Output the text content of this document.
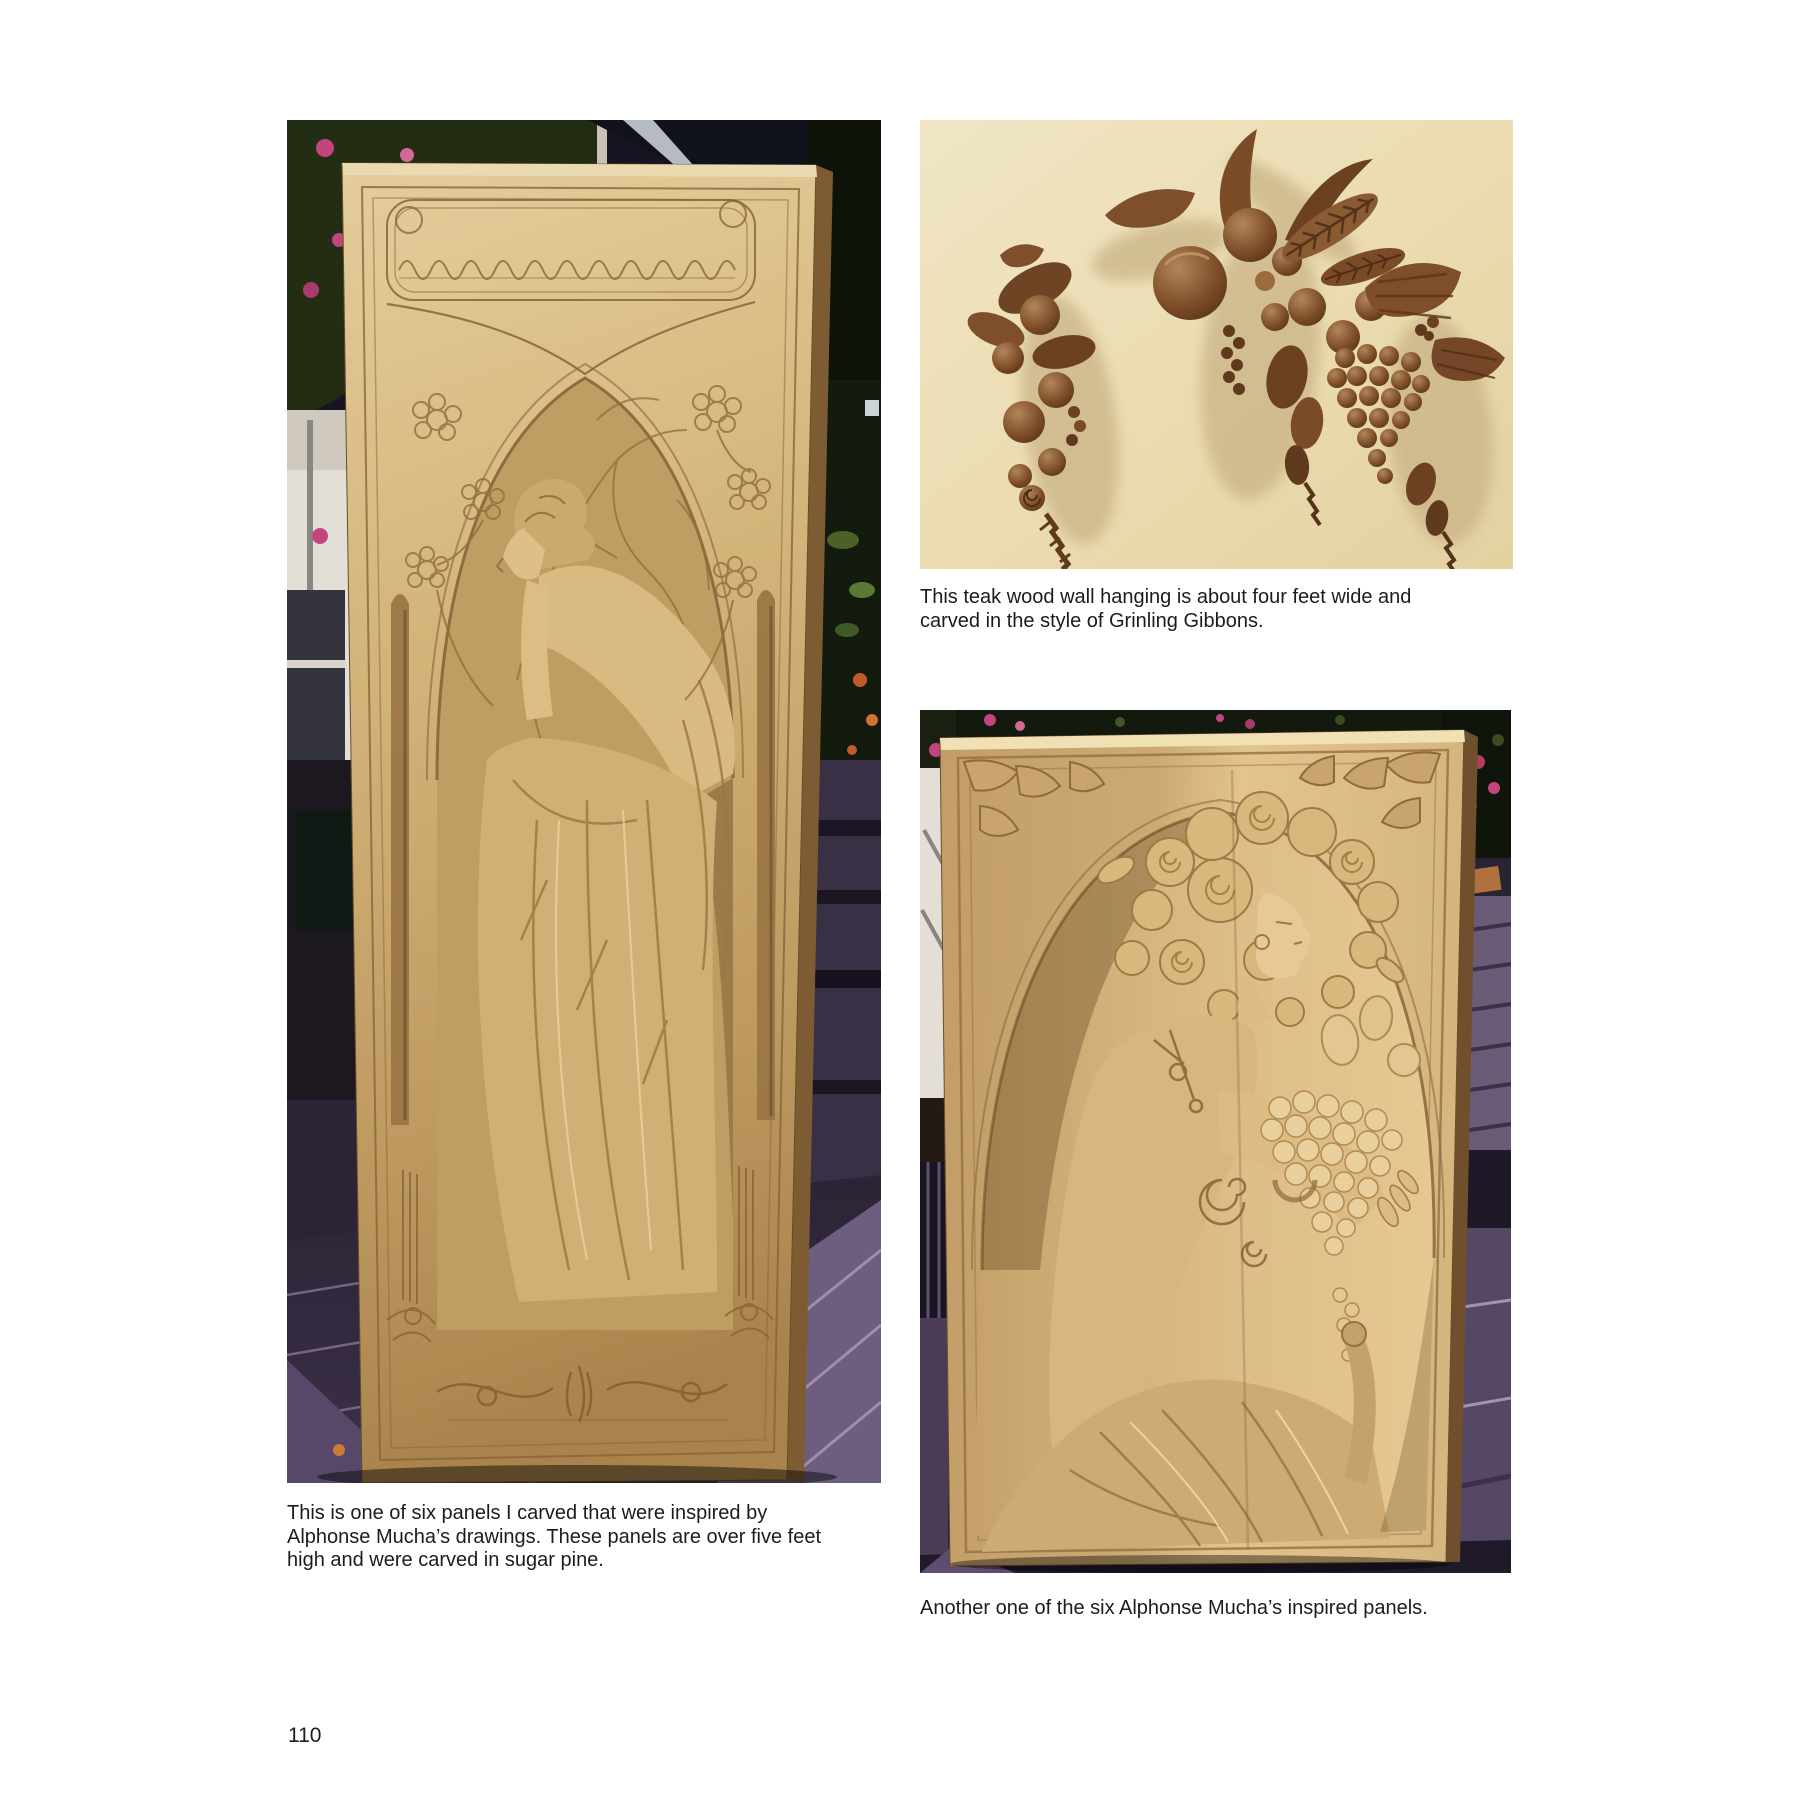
This is one of six panels I carved that were inspired by
Alphonse Mucha’s drawings. These panels are over five feet
high and were carved in sugar pine.
This teak wood wall hanging is about four feet wide and
carved in the style of Grinling Gibbons.
Another one of the six Alphonse Mucha’s inspired panels.
110
